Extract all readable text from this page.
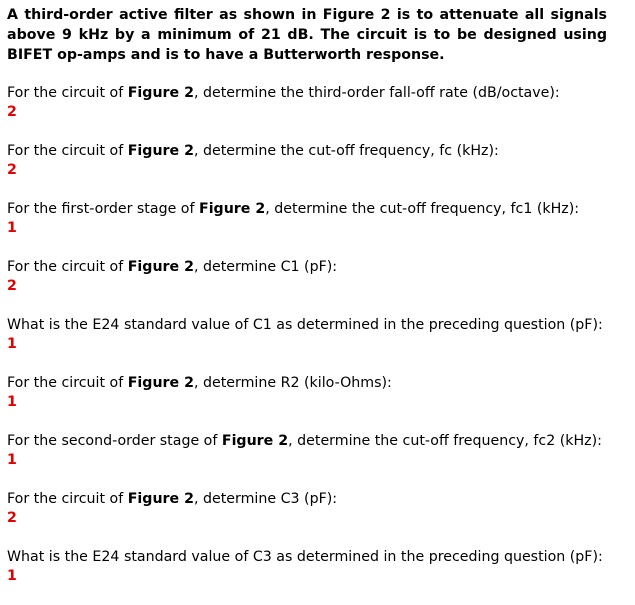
A third-order active filter as shown in Figure 2 is to attenuate all signals above 9 kHz by a minimum of 21 dB. The circuit is to be designed using BIFET op-amps and is to have a Butterworth response.

For the circuit of Figure 2, determine the third-order fall-off rate (dB/octave):
2
For the circuit of Figure 2, determine the cut-off frequency, fc (kHz):
2
For the first-order stage of Figure 2, determine the cut-off frequency, fc1 (kHz):
1
For the circuit of Figure 2, determine C1 (pF):
2
What is the E24 standard value of C1 as determined in the preceding question (pF):
1
For the circuit of Figure 2, determine R2 (kilo-Ohms):
1
For the second-order stage of Figure 2, determine the cut-off frequency, fc2 (kHz):
1
For the circuit of Figure 2, determine C3 (pF):
2
What is the E24 standard value of C3 as determined in the preceding question (pF):
1
